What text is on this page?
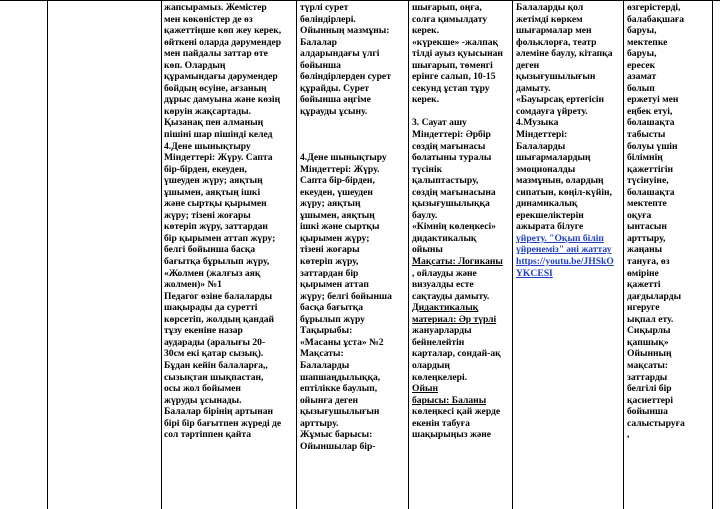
жапсырамыз. Жемістер
мен көкөністер де өз
қажеттіңше көп жеу керек,
өйткені оларда дәрумендер
мен пайдалы заттар өте
көп. Олардың
құрамындағы дәрумендер
бойдың өсуіне, ағзаның
дұрыс дамуына және көзің
көруін жақсартады.
Қызанақ пен алманың
пішіні шар пішінді келед
4.Дене шынықтыру
Міндеттері: Жүру. Сапта
бір-бірден, екеуден,
үшеуден жүру; аяқтың
ұшымен, аяқтың ішкі
және сыртқы қырымен
жүру; тізені жоғары
көтеріп жүру, заттардан
бір қырымен аттап жүру;
белгі бойынша басқа
бағытқа бұрылып жүру,
«Жолмен (жалғыз аяқ
жолмен)» №1
Педагог өзіне балаларды
шақырады да суретті
көрсетіп, жолдың қандай
тұзу екеніне назар
аударады (аралығы 20-
30см екі қатар сызық).
Бұдан кейін балаларға,,
сызықтан шықпастан,
осы жол бойымен
жүруды ұсынады.
Балалар бірінің артынан
бірі бір бағытпен жүреді де
сол тәртіппен қайта
түрлі сурет
бөліндірлері.
Ойынның мазмұны:
Балалар
алдарындағы үлгі
бойынша
бөліндірлерден сурет
құрайды. Сурет
бойынша әңгіме
құрауды ұсыну.

4.Дене шынықтыру
Міндеттері: Жүру.
Сапта бір-бірден,
екеуден, үшеуден
жүру; аяқтың
ұшымен, аяқтың
ішкі және сыртқы
қырымен жүру;
тізені жоғары
көтеріп жүру,
заттардан бір
қырымен аттап
жүру; белгі бойынша
басқа бағытқа
бұрылып жүру
Тақырыбы:
«Масаны ұста» №2
Мақсаты:
Балаларды
шапшаңдылыққа,
ептілікке баулып,
ойынға деген
қызығушылығын
арттыру.
Жұмыс барысы:
Ойыншылар бір-
шығарып, оңға,
солға қимылдату
керек.
«күрекше» -жалпақ
тілді ауыз қуысынан
шығарып, төменгі
ерінге салып, 10-15
секунд ұстап тұру
керек.

3. Сауат ашу
Міндеттері: Әрбір
сөздің мағынасы
болатыны туралы
түсінік
қалыптастыру,
сөздің мағынасына
қызығушылыққа
баулу.
«Кімнің көлеңкесі»
дидактикалық
ойыны
Мақсаты: Логиканы
, ойлауды және
визуалды есте
сақтауды дамыту.
Дидактикалық
материал: Әр түрлі
жануарларды
бейнелейтін
карталар, сондай-ақ
олардың
көлеңкелері.
Ойын
барысы: Баланы
көлеңкесі қай жерде
екенін табуға
шақырыңыз және
Балаларды қол
жетімді көркем
шығармалар мен
фольклорға, театр
әлеміне баулу, кітапқа
деген
қызығушылығын
дамыту.
«Бауырсақ ертегісін
сомдауға үйрету.
4.Музыка
Міндеттері:
Балаларды
шығармалардың
эмоционалды
мазмұнын, олардың
сипатын, көңіл-күйін,
динамикалық
ерекшеліктерін
ажырата білуге
үйрету. "Оқып біліп
үйренеміз" әні жаттау
https://youtu.be/JHSkO
YKCESI
өзгерістерді,
балабақшаға
баруы,
мектепке
баруы,
ересек
азамат
болып
ержетуі мен
еңбек етуі,
болашақта
табысты
болуы үшін
білімнің
қажеттігін
түсінуіне,
болашақта
мектепте
оқуға
ынтасын
арттыру,
жаңаны
тануға, өз
өміріне
қажетті
дағдыларды
игеруге
ықпал ету.
Сиқырлы
қапшық»
Ойынның
мақсаты:
заттарды
белгілі бір
қасиеттері
бойынша
салыстыруға
,
